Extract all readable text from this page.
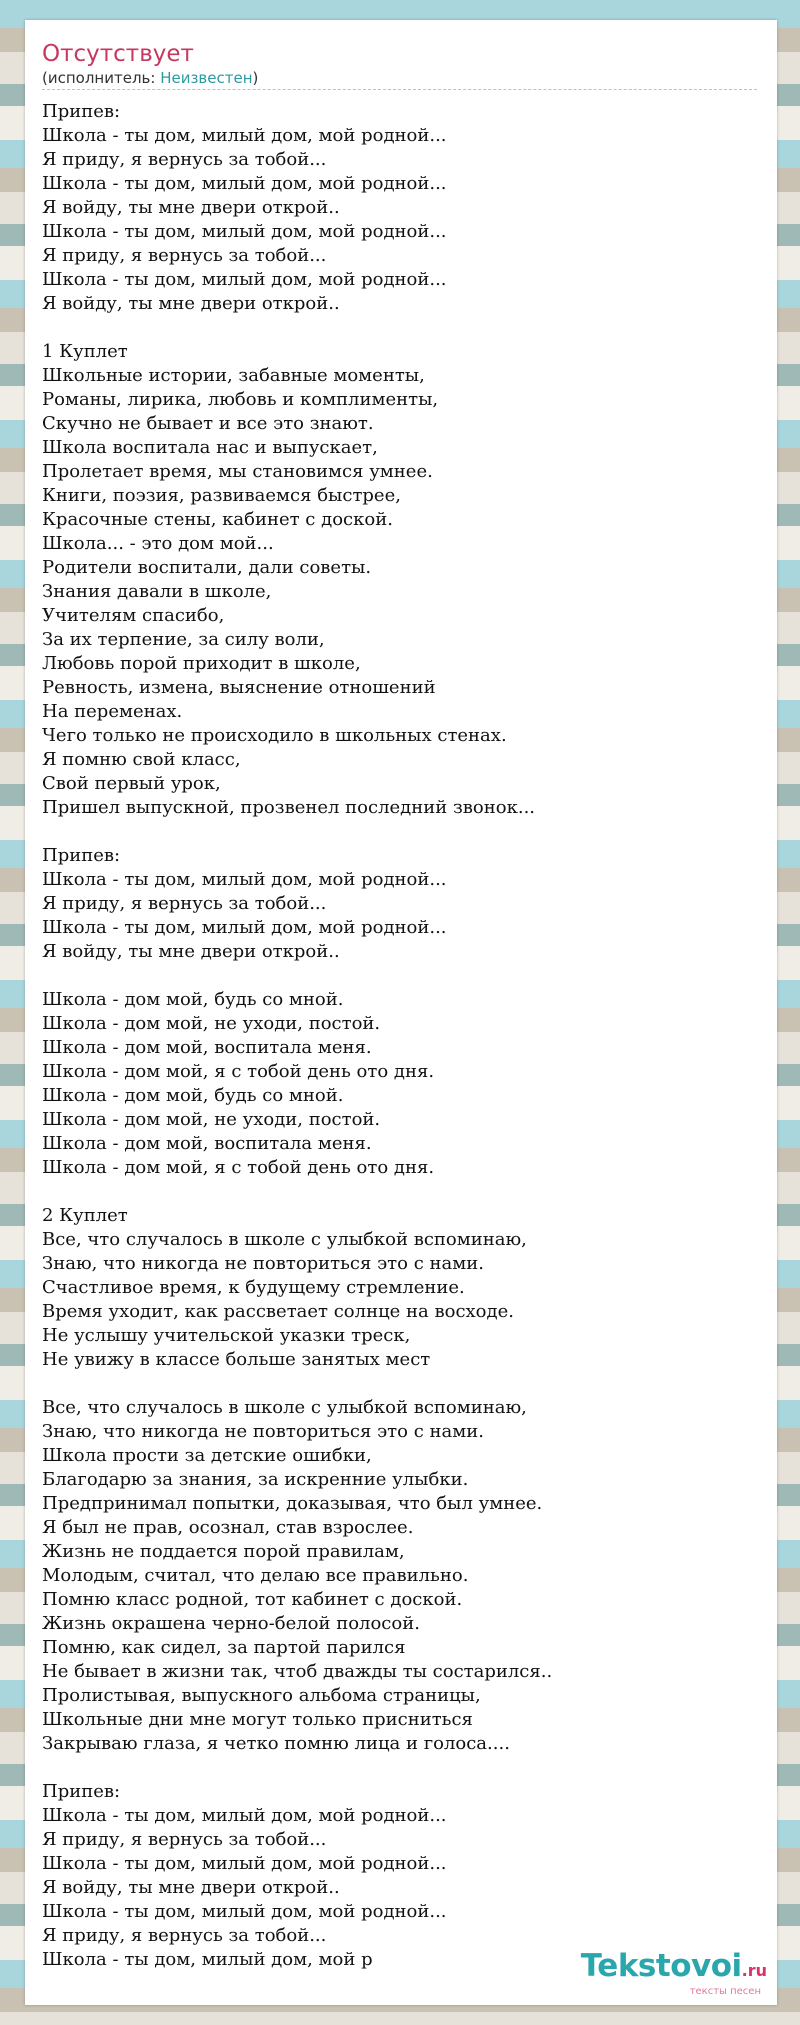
Отсутствует
(исполнитель: Неизвестен)
Припев:
Школа - ты дом, милый дом, мой родной...
Я приду, я вернусь за тобой...
Школа - ты дом, милый дом, мой родной...
Я войду, ты мне двери открой..
Школа - ты дом, милый дом, мой родной...
Я приду, я вернусь за тобой...
Школа - ты дом, милый дом, мой родной...
Я войду, ты мне двери открой..
1 Куплет
Школьные истории, забавные моменты,
Романы, лирика, любовь и комплименты,
Скучно не бывает и все это знают.
Школа воспитала нас и выпускает,
Пролетает время, мы становимся умнее.
Книги, поэзия, развиваемся быстрее,
Красочные стены, кабинет с доской.
Школа... - это дом мой...
Родители воспитали, дали советы.
Знания давали в школе,
Учителям спасибо,
За их терпение, за силу воли,
Любовь порой приходит в школе,
Ревность, измена, выяснение отношений
На переменах.
Чего только не происходило в школьных стенах.
Я помню свой класс,
Свой первый урок,
Пришел выпускной, прозвенел последний звонок...
Припев:
Школа - ты дом, милый дом, мой родной...
Я приду, я вернусь за тобой...
Школа - ты дом, милый дом, мой родной...
Я войду, ты мне двери открой..
Школа - дом мой, будь со мной.
Школа - дом мой, не уходи, постой.
Школа - дом мой, воспитала меня.
Школа - дом мой, я с тобой день ото дня.
Школа - дом мой, будь со мной.
Школа - дом мой, не уходи, постой.
Школа - дом мой, воспитала меня.
Школа - дом мой, я с тобой день ото дня.
2 Куплет
Все, что случалось в школе с улыбкой вспоминаю,
Знаю, что никогда не повториться это с нами.
Счастливое время, к будущему стремление.
Время уходит, как рассветает солнце на восходе.
Не услышу учительской указки треск,
Не увижу в классе больше занятых мест
Все, что случалось в школе с улыбкой вспоминаю,
Знаю, что никогда не повториться это с нами.
Школа прости за детские ошибки,
Благодарю за знания, за искренние улыбки.
Предпринимал попытки, доказывая, что был умнее.
Я был не прав, осознал, став взрослее.
Жизнь не поддается порой правилам,
Молодым, считал, что делаю все правильно.
Помню класс родной, тот кабинет с доской.
Жизнь окрашена черно-белой полосой.
Помню, как сидел, за партой парился
Не бывает в жизни так, чтоб дважды ты состарился..
Пролистывая, выпускного альбома страницы,
Школьные дни мне могут только присниться
Закрываю глаза, я четко помню лица и голоса....
Припев:
Школа - ты дом, милый дом, мой родной...
Я приду, я вернусь за тобой...
Школа - ты дом, милый дом, мой родной...
Я войду, ты мне двери открой..
Школа - ты дом, милый дом, мой родной...
Я приду, я вернусь за тобой...
Школа - ты дом, милый дом, мой р	Tekstovoi.ru
тексты песен
